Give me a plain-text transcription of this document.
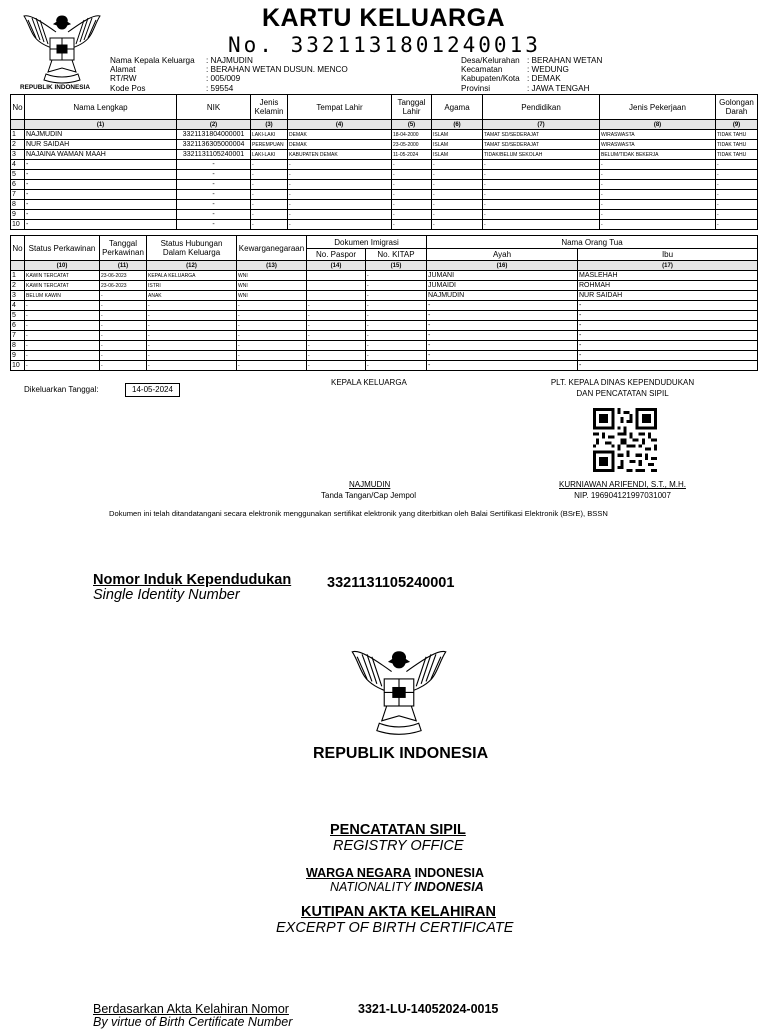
REPUBLIK INDONESIA
KARTU KELUARGA
No. 3321131801240013
Nama Kepala Keluarga	: NAJMUDIN
Alamat	: BERAHAN WETAN DUSUN. MENCO
RT/RW	: 005/009
Kode Pos	: 59554
Desa/Kelurahan : BERAHAN WETAN
Kecamatan	: WEDUNG
Kabupaten/Kota : DEMAK
Provinsi	: JAWA TENGAH
No	Nama Lengkap	NIK	Jenis Kelamin	Tempat Lahir	Tanggal Lahir	Agama	Pendidikan	Jenis Pekerjaan	Golongan Darah
	(1)	(2)	(3)	(4)	(5)	(6)	(7)	(8)	(9)
1	NAJMUDIN	3321131804000001	LAKI-LAKI	DEMAK	18-04-2000	ISLAM	TAMAT SD/SEDERAJAT	WIRASWASTA	TIDAK TAHU
2	NUR SAIDAH	3321136305000004	PEREMPUAN	DEMAK	23-05-2000	ISLAM	TAMAT SD/SEDERAJAT	WIRASWASTA	TIDAK TAHU
3	NAJAINA WAMAN MAAH	3321131105240001	LAKI-LAKI	KABUPATEN DEMAK	11-05-2024	ISLAM	TIDAK/BELUM SEKOLAH	BELUM/TIDAK BEKERJA	TIDAK TAHU
4	-	-	-	-	-	-	-	-	-
5	-	-	-	-	-	-	-	-	-
6	-	-	-	-	-	-	-	-	-
7	-	-	-	-	-	-	-	-	-
8	-	-	-	-	-	-	-	-	-
9	-	-	-	-	-	-	-	-	-
10	-	-	-	-	-	-	-	-	-
No	Status Perkawinan	Tanggal Perkawinan	Status Hubungan Dalam Keluarga	Kewarganegaraan	Dokumen Imigrasi		Nama Orang Tua	
					No. Paspor	No. KITAP	Ayah	Ibu
	(10)	(11)	(12)	(13)	(14)	(15)	(16)	(17)
1	KAWIN TERCATAT	23-06-2023	KEPALA KELUARGA	WNI		-	JUMANI	MASLEHAH
2	KAWIN TERCATAT	23-06-2023	ISTRI	WNI		-	JUMAIDI	ROHMAH
3	BELUM KAWIN	-	ANAK	WNI		-	NAJMUDIN	NUR SAIDAH
4	-	-	-	-	-	-	-	-
5	-	-	-	-	-	-	-	-
6	-	-	-	-	-	-	-	-
7	-	-	-	-	-	-	-	-
8	-	-	-	-	-	-	-	-
9	-	-	-	-	-	-	-	-
10	-	-	-	-	-	-	-	-
Dikeluarkan Tanggal:	14-05-2024
KEPALA KELUARGA	PLT. KEPALA DINAS KEPENDUDUKAN
DAN PENCATATAN SIPIL
NAJMUDIN
Tanda Tangan/Cap Jempol
KURNIAWAN ARIFENDI, S.T., M.H.
NIP. 196904121997031007
Dokumen ini telah ditandatangani secara elektronik menggunakan sertifikat elektronik yang diterbitkan oleh Balai Sertifikasi Elektronik (BSrE), BSSN
Nomor Induk Kependudukan
Single Identity Number
3321131105240001
REPUBLIK INDONESIA
PENCATATAN SIPIL
REGISTRY OFFICE
WARGA NEGARA INDONESIA
NATIONALITY INDONESIA
KUTIPAN AKTA KELAHIRAN
EXCERPT OF BIRTH CERTIFICATE
Berdasarkan Akta Kelahiran Nomor
By virtue of Birth Certificate Number
3321-LU-14052024-0015
